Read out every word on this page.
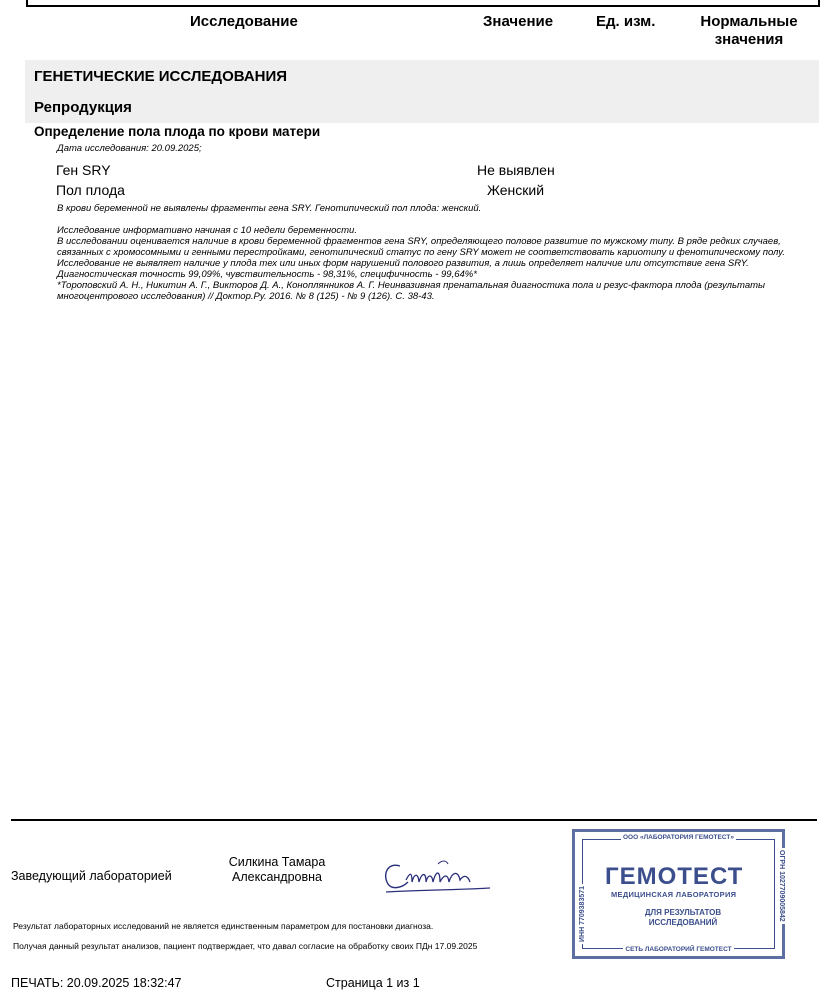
Исследование	Значение	Ед. изм.	Нормальные значения
ГЕНЕТИЧЕСКИЕ ИССЛЕДОВАНИЯ
Репродукция
Определение пола плода по крови матери
Дата исследования: 20.09.2025;
Ген SRY	Не выявлен
Пол плода	Женский
В крови беременной не выявлены фрагменты гена SRY. Генотипический пол плода: женский.
Исследование информативно начиная с 10 недели беременности.
В исследовании оценивается наличие в крови беременной фрагментов гена SRY, определяющего половое развитие по мужскому типу. В ряде редких случаев, связанных с хромосомными и генными перестройками, генотипический статус по гену SRY может не соответствовать кариотипу и фенотипическому полу.
Исследование не выявляет наличие у плода тех или иных форм нарушений полового развития, а лишь определяет наличие или отсутствие гена SRY.
Диагностическая точность 99,09%, чувствительность - 98,31%, специфичность - 99,64%*
*Тороповский А. Н., Никитин А. Г., Викторов Д. А., Коноплянников А. Г. Неинвазивная пренатальная диагностика пола и резус-фактора плода (результаты многоцентрового исследования) // Доктор.Ру. 2016. № 8 (125) - № 9 (126). С. 38-43.
Заведующий лабораторией
Силкина Тамара Александровна
ООО «ЛАБОРАТОРИЯ ГЕМОТЕСТ»
ГЕМОТЕСТ
МЕДИЦИНСКАЯ ЛАБОРАТОРИЯ
ДЛЯ РЕЗУЛЬТАТОВ ИССЛЕДОВАНИЙ
СЕТЬ ЛАБОРАТОРИЙ ГЕМОТЕСТ
ИНН 7709383571	ОГРН 1027709005842
Результат лабораторных исследований не является единственным параметром для постановки диагноза.
Получая данный результат анализов, пациент подтверждает, что давал согласие на обработку своих ПДн 17.09.2025
ПЕЧАТЬ: 20.09.2025 18:32:47	Страница 1 из 1
